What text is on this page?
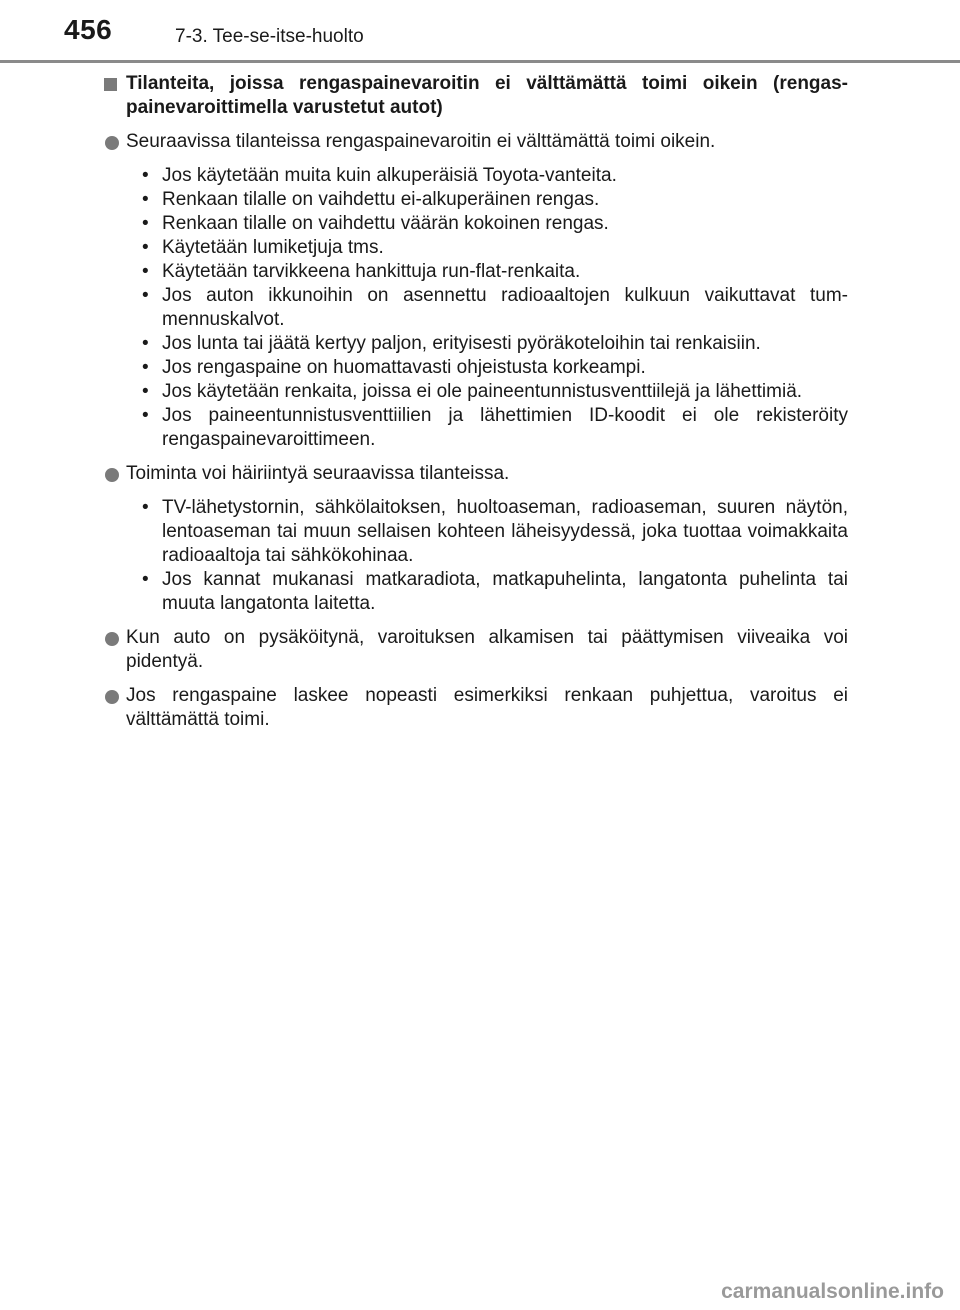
456	7-3. Tee-se-itse-huolto
Tilanteita, joissa rengaspainevaroitin ei välttämättä toimi oikein (rengaspainevaroittimella varustetut autot)
Seuraavissa tilanteissa rengaspainevaroitin ei välttämättä toimi oikein.
• Jos käytetään muita kuin alkuperäisiä Toyota-vanteita.
• Renkaan tilalle on vaihdettu ei-alkuperäinen rengas.
• Renkaan tilalle on vaihdettu väärän kokoinen rengas.
• Käytetään lumiketjuja tms.
• Käytetään tarvikkeena hankittuja run-flat-renkaita.
• Jos auton ikkunoihin on asennettu radioaaltojen kulkuun vaikuttavat tummennuskalvot.
• Jos lunta tai jäätä kertyy paljon, erityisesti pyöräkoteloihin tai renkaisiin.
• Jos rengaspaine on huomattavasti ohjeistusta korkeampi.
• Jos käytetään renkaita, joissa ei ole paineentunnistusventtiilejä ja lähettimiä.
• Jos paineentunnistusventtiilien ja lähettimien ID-koodit ei ole rekisteröity rengaspainevaroittimeen.
Toiminta voi häiriintyä seuraavissa tilanteissa.
• TV-lähetystornin, sähkölaitoksen, huoltoaseman, radioaseman, suuren näytön, lentoaseman tai muun sellaisen kohteen läheisyydessä, joka tuottaa voimakkaita radioaaltoja tai sähkökohinaa.
• Jos kannat mukanasi matkaradiota, matkapuhelinta, langatonta puhelinta tai muuta langatonta laitetta.
Kun auto on pysäköitynä, varoituksen alkamisen tai päättymisen viiveaika voi pidentyä.
Jos rengaspaine laskee nopeasti esimerkiksi renkaan puhjettua, varoitus ei välttämättä toimi.
carmanualsonline.info
